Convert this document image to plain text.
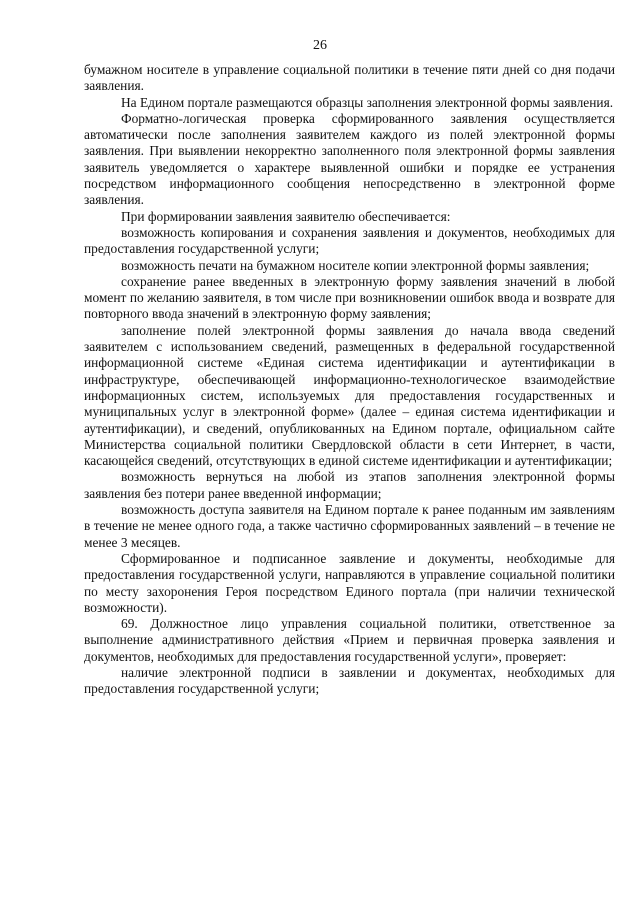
26

бумажном носителе в управление социальной политики в течение пяти дней со дня подачи заявления.

На Едином портале размещаются образцы заполнения электронной формы заявления.

Форматно-логическая проверка сформированного заявления осуществляется автоматически после заполнения заявителем каждого из полей электронной формы заявления. При выявлении некорректно заполненного поля электронной формы заявления заявитель уведомляется о характере выявленной ошибки и порядке ее устранения посредством информационного сообщения непосредственно в электронной форме заявления.

При формировании заявления заявителю обеспечивается:

возможность копирования и сохранения заявления и документов, необходимых для предоставления государственной услуги;

возможность печати на бумажном носителе копии электронной формы заявления;

сохранение ранее введенных в электронную форму заявления значений в любой момент по желанию заявителя, в том числе при возникновении ошибок ввода и возврате для повторного ввода значений в электронную форму заявления;

заполнение полей электронной формы заявления до начала ввода сведений заявителем с использованием сведений, размещенных в федеральной государственной информационной системе «Единая система идентификации и аутентификации в инфраструктуре, обеспечивающей информационно-технологическое взаимодействие информационных систем, используемых для предоставления государственных и муниципальных услуг в электронной форме» (далее – единая система идентификации и аутентификации), и сведений, опубликованных на Едином портале, официальном сайте Министерства социальной политики Свердловской области в сети Интернет, в части, касающейся сведений, отсутствующих в единой системе идентификации и аутентификации;

возможность вернуться на любой из этапов заполнения электронной формы заявления без потери ранее введенной информации;

возможность доступа заявителя на Едином портале к ранее поданным им заявлениям в течение не менее одного года, а также частично сформированных заявлений – в течение не менее 3 месяцев.

Сформированное и подписанное заявление и документы, необходимые для предоставления государственной услуги, направляются в управление социальной политики по месту захоронения Героя посредством Единого портала (при наличии технической возможности).

69. Должностное лицо управления социальной политики, ответственное за выполнение административного действия «Прием и первичная проверка заявления и документов, необходимых для предоставления государственной услуги», проверяет:

наличие электронной подписи в заявлении и документах, необходимых для предоставления государственной услуги;
